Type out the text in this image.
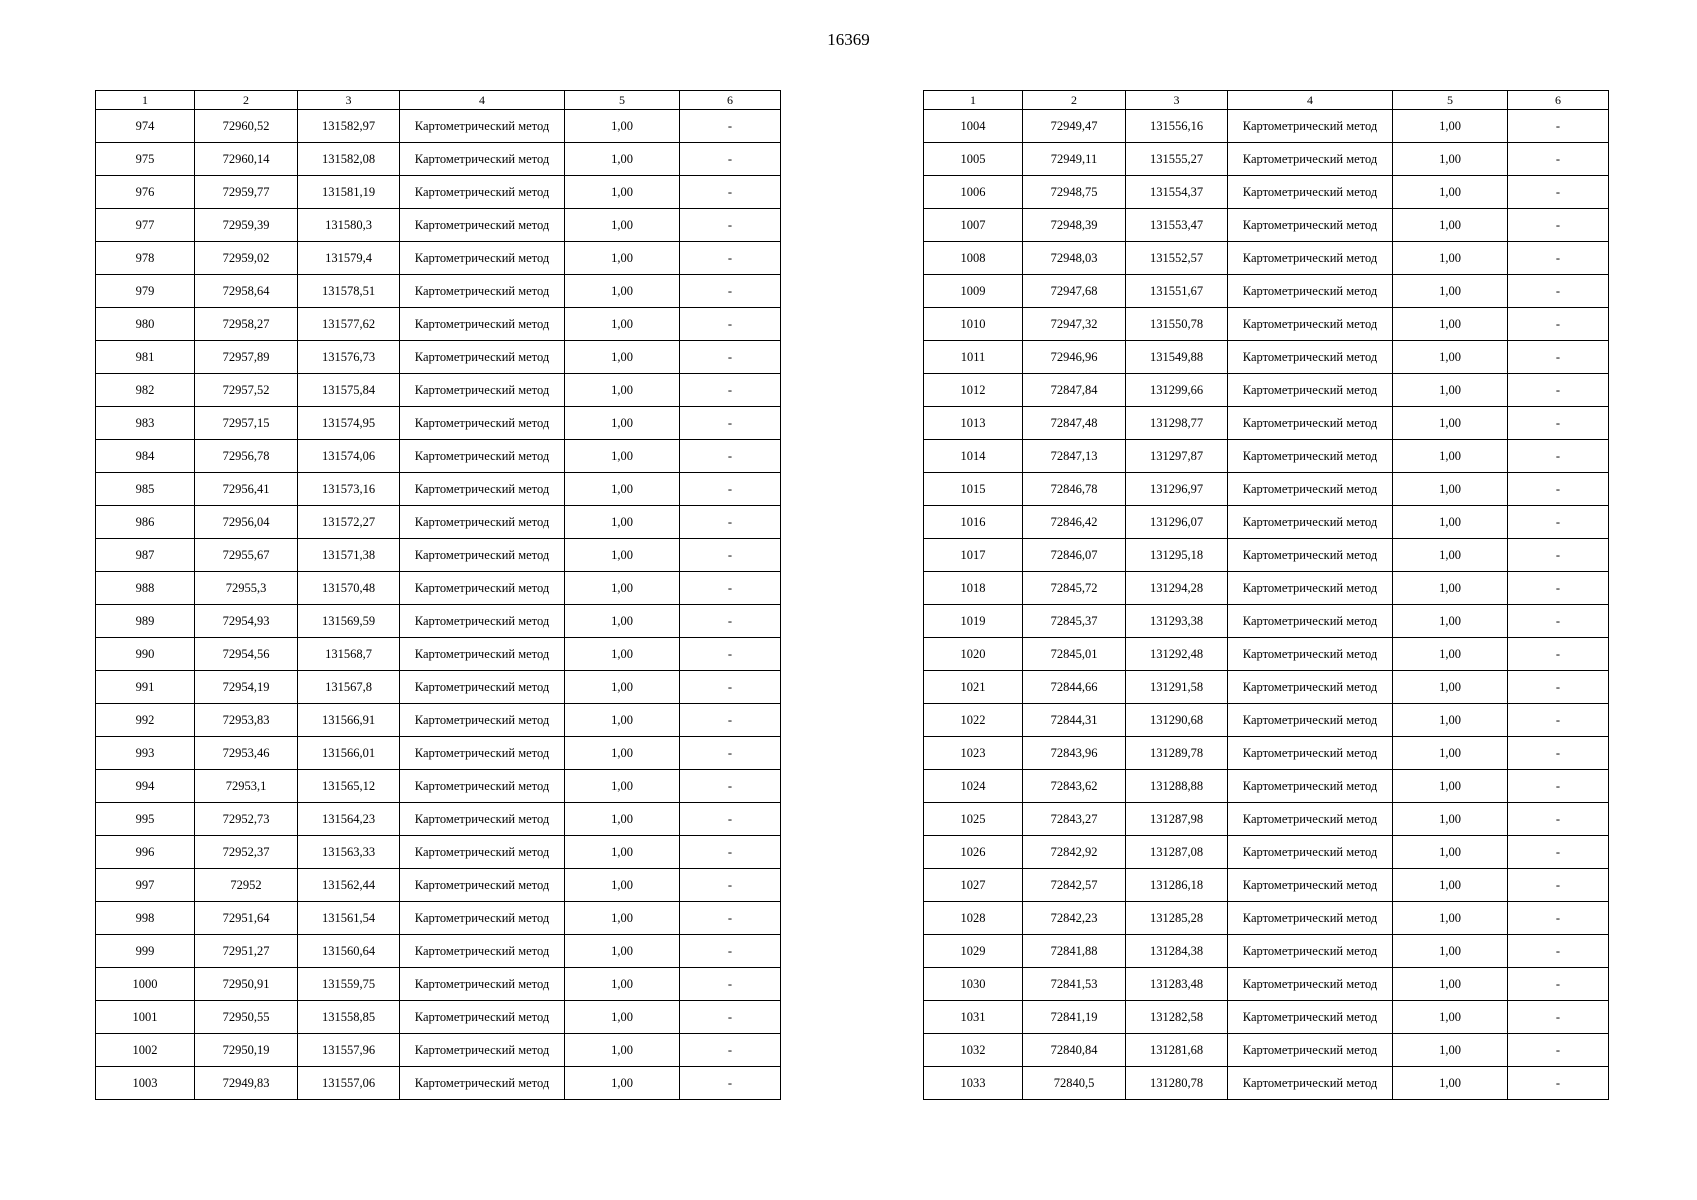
16369
1	2	3	4	5	6
974	72960,52	131582,97	Картометрический метод	1,00	-
975	72960,14	131582,08	Картометрический метод	1,00	-
976	72959,77	131581,19	Картометрический метод	1,00	-
977	72959,39	131580,3	Картометрический метод	1,00	-
978	72959,02	131579,4	Картометрический метод	1,00	-
979	72958,64	131578,51	Картометрический метод	1,00	-
980	72958,27	131577,62	Картометрический метод	1,00	-
981	72957,89	131576,73	Картометрический метод	1,00	-
982	72957,52	131575,84	Картометрический метод	1,00	-
983	72957,15	131574,95	Картометрический метод	1,00	-
984	72956,78	131574,06	Картометрический метод	1,00	-
985	72956,41	131573,16	Картометрический метод	1,00	-
986	72956,04	131572,27	Картометрический метод	1,00	-
987	72955,67	131571,38	Картометрический метод	1,00	-
988	72955,3	131570,48	Картометрический метод	1,00	-
989	72954,93	131569,59	Картометрический метод	1,00	-
990	72954,56	131568,7	Картометрический метод	1,00	-
991	72954,19	131567,8	Картометрический метод	1,00	-
992	72953,83	131566,91	Картометрический метод	1,00	-
993	72953,46	131566,01	Картометрический метод	1,00	-
994	72953,1	131565,12	Картометрический метод	1,00	-
995	72952,73	131564,23	Картометрический метод	1,00	-
996	72952,37	131563,33	Картометрический метод	1,00	-
997	72952	131562,44	Картометрический метод	1,00	-
998	72951,64	131561,54	Картометрический метод	1,00	-
999	72951,27	131560,64	Картометрический метод	1,00	-
1000	72950,91	131559,75	Картометрический метод	1,00	-
1001	72950,55	131558,85	Картометрический метод	1,00	-
1002	72950,19	131557,96	Картометрический метод	1,00	-
1003	72949,83	131557,06	Картометрический метод	1,00	-
1	2	3	4	5	6
1004	72949,47	131556,16	Картометрический метод	1,00	-
1005	72949,11	131555,27	Картометрический метод	1,00	-
1006	72948,75	131554,37	Картометрический метод	1,00	-
1007	72948,39	131553,47	Картометрический метод	1,00	-
1008	72948,03	131552,57	Картометрический метод	1,00	-
1009	72947,68	131551,67	Картометрический метод	1,00	-
1010	72947,32	131550,78	Картометрический метод	1,00	-
1011	72946,96	131549,88	Картометрический метод	1,00	-
1012	72847,84	131299,66	Картометрический метод	1,00	-
1013	72847,48	131298,77	Картометрический метод	1,00	-
1014	72847,13	131297,87	Картометрический метод	1,00	-
1015	72846,78	131296,97	Картометрический метод	1,00	-
1016	72846,42	131296,07	Картометрический метод	1,00	-
1017	72846,07	131295,18	Картометрический метод	1,00	-
1018	72845,72	131294,28	Картометрический метод	1,00	-
1019	72845,37	131293,38	Картометрический метод	1,00	-
1020	72845,01	131292,48	Картометрический метод	1,00	-
1021	72844,66	131291,58	Картометрический метод	1,00	-
1022	72844,31	131290,68	Картометрический метод	1,00	-
1023	72843,96	131289,78	Картометрический метод	1,00	-
1024	72843,62	131288,88	Картометрический метод	1,00	-
1025	72843,27	131287,98	Картометрический метод	1,00	-
1026	72842,92	131287,08	Картометрический метод	1,00	-
1027	72842,57	131286,18	Картометрический метод	1,00	-
1028	72842,23	131285,28	Картометрический метод	1,00	-
1029	72841,88	131284,38	Картометрический метод	1,00	-
1030	72841,53	131283,48	Картометрический метод	1,00	-
1031	72841,19	131282,58	Картометрический метод	1,00	-
1032	72840,84	131281,68	Картометрический метод	1,00	-
1033	72840,5	131280,78	Картометрический метод	1,00	-
